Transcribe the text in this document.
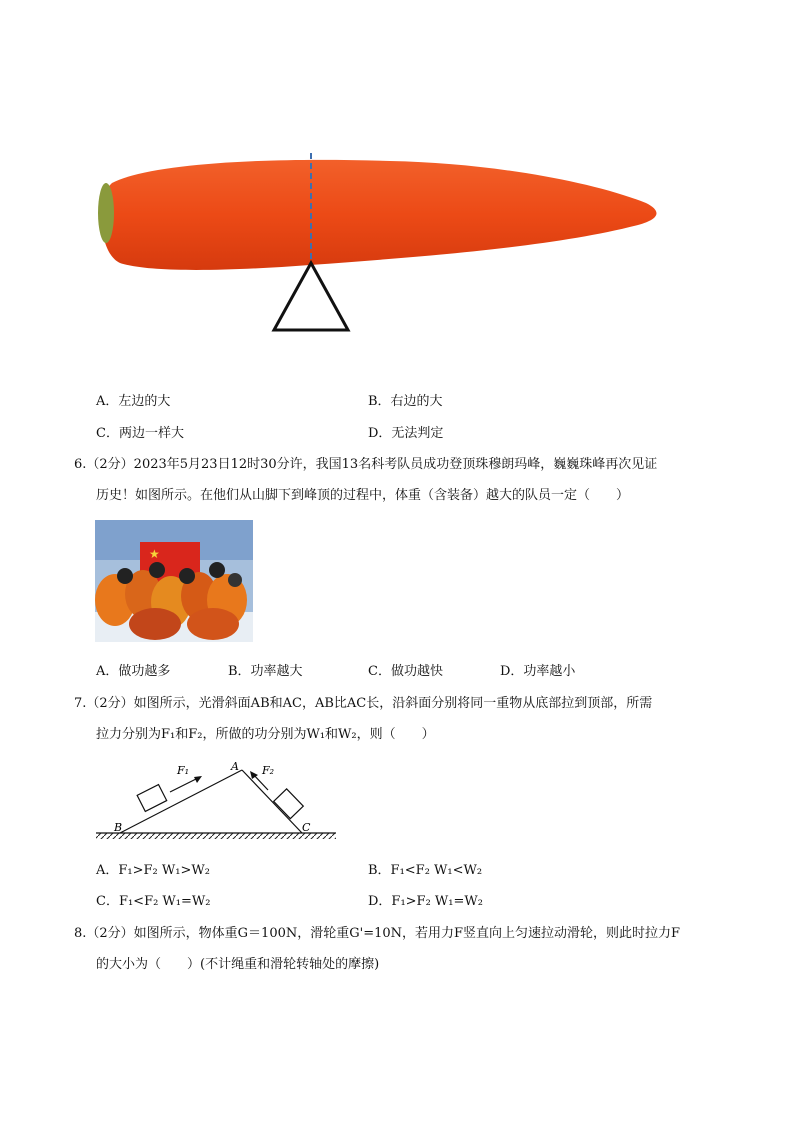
A．左边的大	B．右边的大
C．两边一样大	D．无法判定
6.（2分）2023年5月23日12时30分许，我国13名科考队员成功登顶珠穆朗玛峰，巍巍珠峰再次见证
历史！如图所示。在他们从山脚下到峰顶的过程中，体重（含装备）越大的队员一定（　　）
★
A．做功越多	B．功率越大	C．做功越快	D．功率越小
7.（2分）如图所示，光滑斜面AB和AC，AB比AC长，沿斜面分别将同一重物从底部拉到顶部，所需
拉力分别为F₁和F₂，所做的功分别为W₁和W₂，则（　　）
F₁	A F₂
B	C
A．F₁>F₂ W₁>W₂	B．F₁<F₂ W₁<W₂
C．F₁<F₂ W₁=W₂	D．F₁>F₂ W₁=W₂
8.（2分）如图所示，物体重G＝100N，滑轮重G'=10N，若用力F竖直向上匀速拉动滑轮，则此时拉力F
的大小为（　　）(不计绳重和滑轮转轴处的摩擦)
